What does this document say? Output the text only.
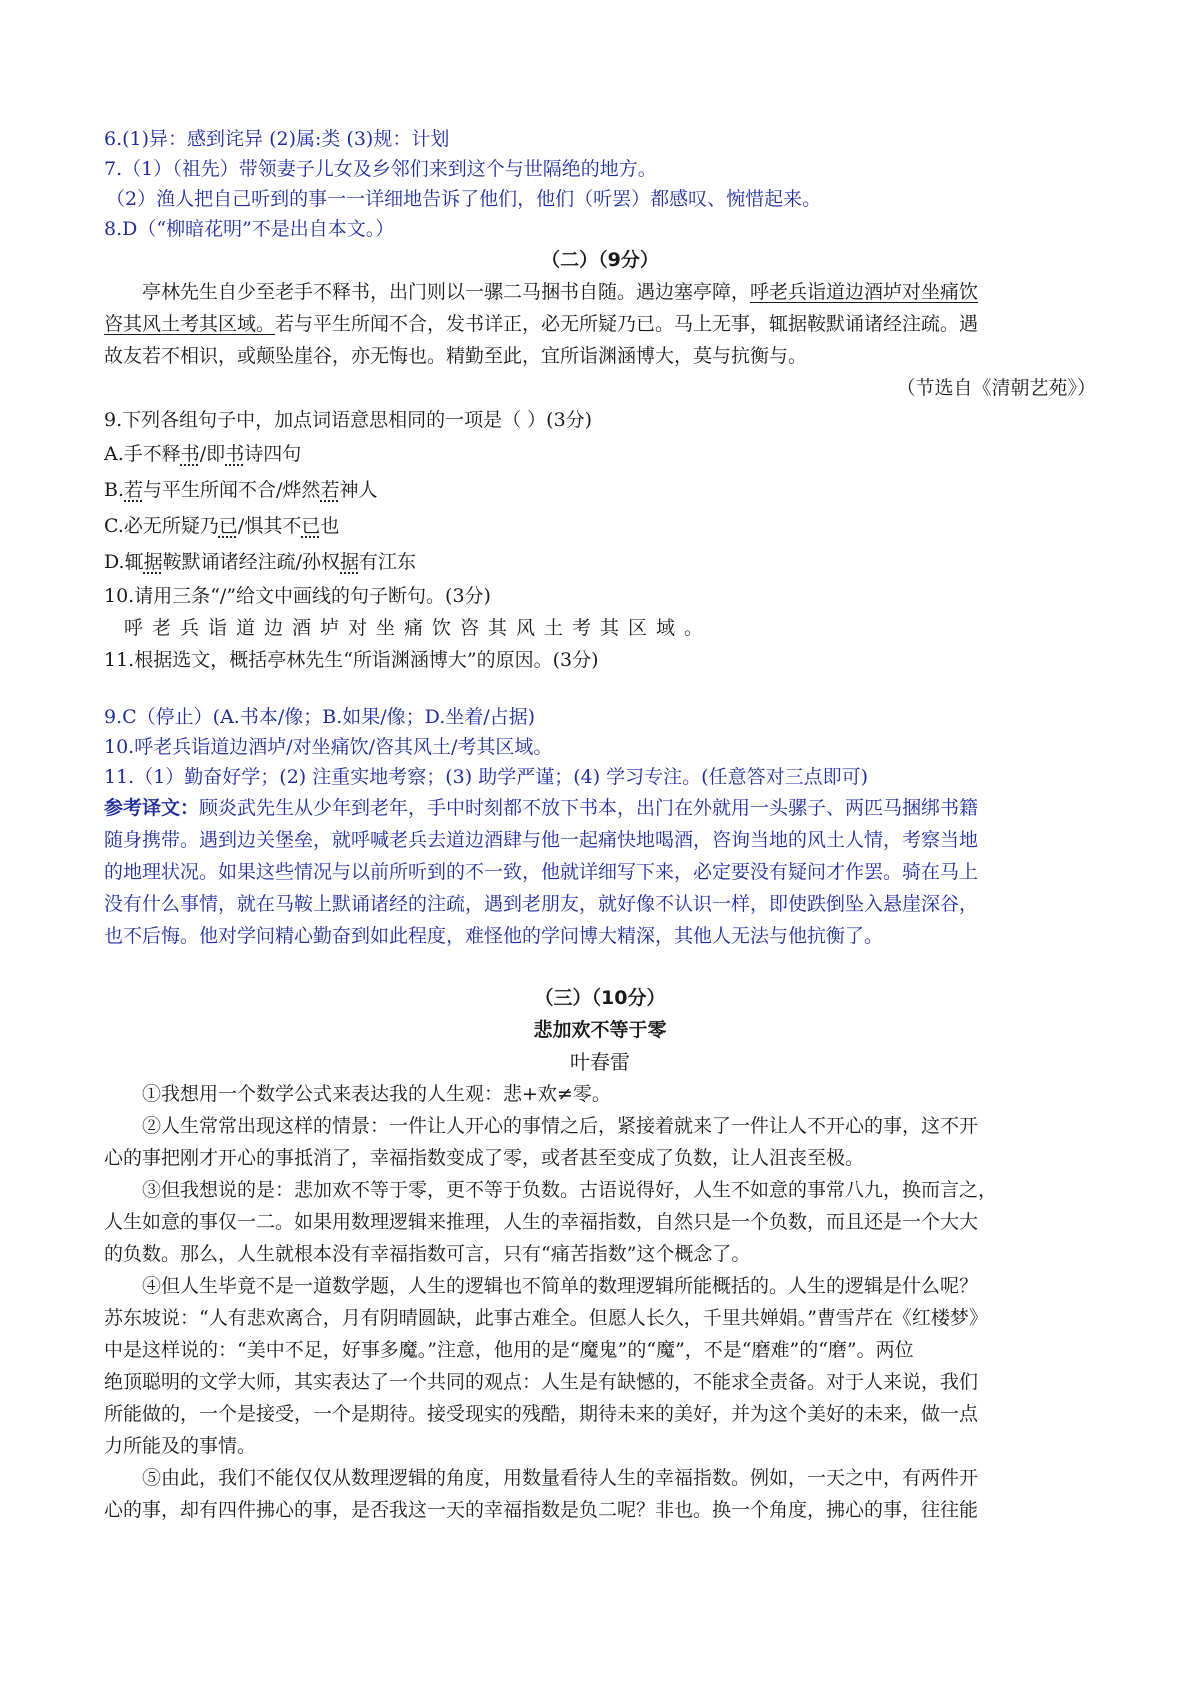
6.(1)异：感到诧异 (2)属:类 (3)规：计划
7.（1）（祖先）带领妻子儿女及乡邻们来到这个与世隔绝的地方。
（2）渔人把自己听到的事一一详细地告诉了他们，他们（听罢）都感叹、惋惜起来。
8.D（“柳暗花明”不是出自本文。）
（二）（9分）
亭林先生自少至老手不释书，出门则以一骡二马捆书自随。遇边塞亭障，呼老兵诣道边酒垆对坐痛饮
咨其风土考其区域。若与平生所闻不合，发书详正，必无所疑乃已。马上无事，辄据鞍默诵诸经注疏。遇
故友若不相识，或颠坠崖谷，亦无悔也。精勤至此，宜所诣渊涵博大，莫与抗衡与。
（节选自《清朝艺苑》）
9.下列各组句子中，加点词语意思相同的一项是（ ）(3分)
A.手不释书/即书诗四句
B.若与平生所闻不合/烨然若神人
C.必无所疑乃已/惧其不已也
D.辄据鞍默诵诸经注疏/孙权据有江东
10.请用三条“/”给文中画线的句子断句。(3分)
呼老兵诣道边酒垆对坐痛饮咨其风土考其区域。
11.根据选文，概括亭林先生“所诣渊涵博大”的原因。(3分)
9.C（停止）(A.书本/像；B.如果/像；D.坐着/占据)
10.呼老兵诣道边酒垆/对坐痛饮/咨其风土/考其区域。
11.（1）勤奋好学；(2) 注重实地考察；(3) 助学严谨；(4) 学习专注。(任意答对三点即可)
参考译文：顾炎武先生从少年到老年，手中时刻都不放下书本，出门在外就用一头骡子、两匹马捆绑书籍
随身携带。遇到边关堡垒，就呼喊老兵去道边酒肆与他一起痛快地喝酒，咨询当地的风土人情，考察当地
的地理状况。如果这些情况与以前所听到的不一致，他就详细写下来，必定要没有疑问才作罢。骑在马上
没有什么事情，就在马鞍上默诵诸经的注疏，遇到老朋友，就好像不认识一样，即使跌倒坠入悬崖深谷，
也不后悔。他对学问精心勤奋到如此程度，难怪他的学问博大精深，其他人无法与他抗衡了。
（三）（10分）
悲加欢不等于零
叶春雷
①我想用一个数学公式来表达我的人生观：悲+欢≠零。
②人生常常出现这样的情景：一件让人开心的事情之后，紧接着就来了一件让人不开心的事，这不开
心的事把刚才开心的事抵消了，幸福指数变成了零，或者甚至变成了负数，让人沮丧至极。
③但我想说的是：悲加欢不等于零，更不等于负数。古语说得好，人生不如意的事常八九，换而言之，
人生如意的事仅一二。如果用数理逻辑来推理，人生的幸福指数，自然只是一个负数，而且还是一个大大
的负数。那么，人生就根本没有幸福指数可言，只有“痛苦指数”这个概念了。
④但人生毕竟不是一道数学题，人生的逻辑也不简单的数理逻辑所能概括的。人生的逻辑是什么呢？
苏东坡说：“人有悲欢离合，月有阴晴圆缺，此事古难全。但愿人长久，千里共婵娟。”曹雪芹在《红楼梦》
中是这样说的：“美中不足，好事多魔。”注意，他用的是“魔鬼”的“魔”，不是“磨难”的“磨”。两位
绝顶聪明的文学大师，其实表达了一个共同的观点：人生是有缺憾的，不能求全责备。对于人来说，我们
所能做的，一个是接受，一个是期待。接受现实的残酷，期待未来的美好，并为这个美好的未来，做一点
力所能及的事情。
⑤由此，我们不能仅仅从数理逻辑的角度，用数量看待人生的幸福指数。例如，一天之中，有两件开
心的事，却有四件拂心的事，是否我这一天的幸福指数是负二呢？非也。换一个角度，拂心的事，往往能
